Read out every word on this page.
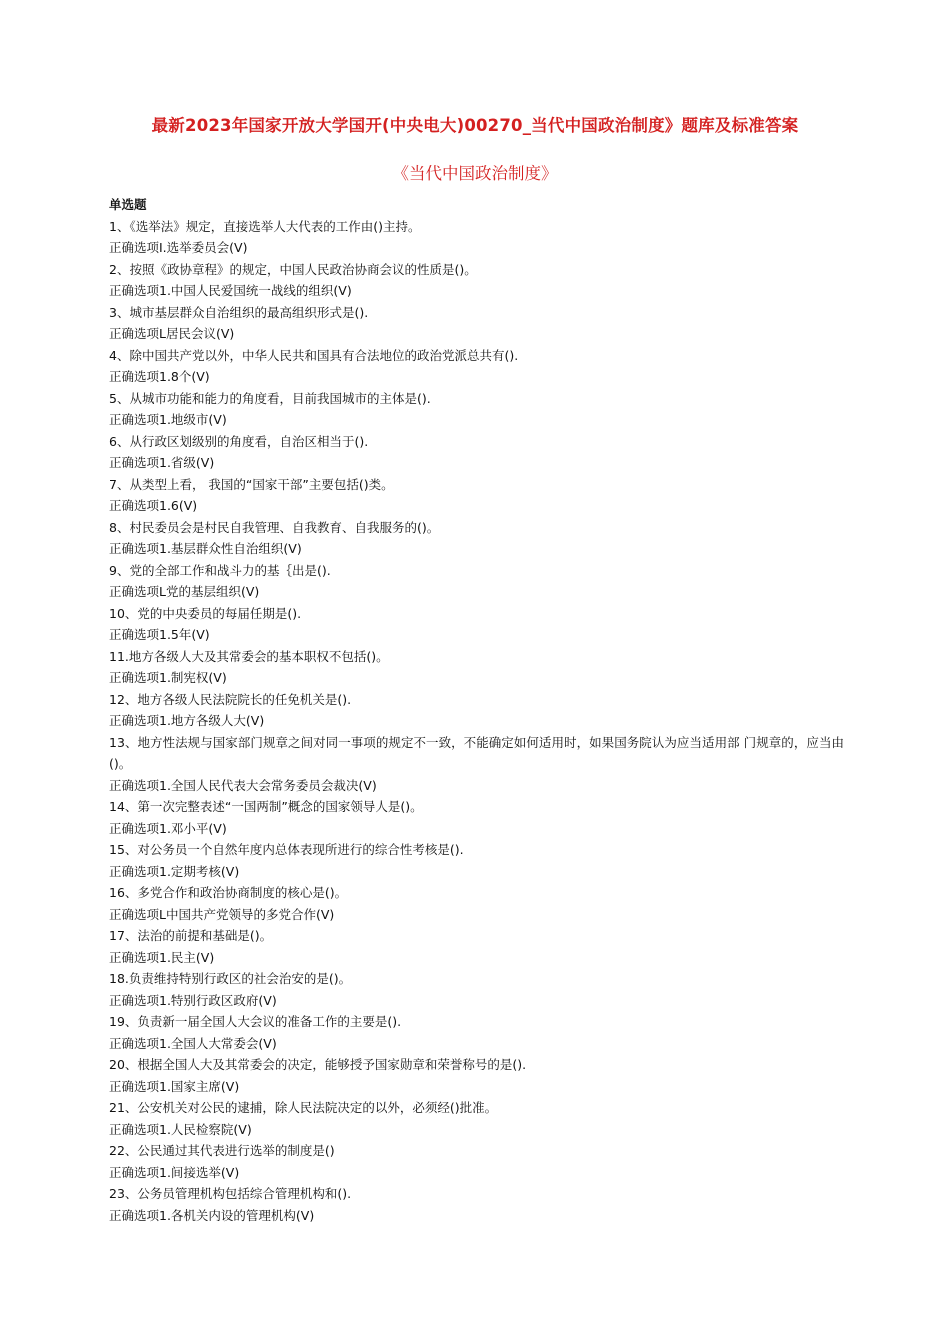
最新2023年国家开放大学国开(中央电大)00270_当代中国政治制度》题库及标准答案
《当代中国政治制度》
单选题
1、《选举法》规定，直接选举人大代表的工作由()主持。
正确选项I.选举委员会(V)
2、按照《政协章程》的规定，中国人民政治协商会议的性质是()。
正确选项1.中国人民爱国统一战线的组织(V)
3、城市基层群众自治组织的最高组织形式是().
正确选项L居民会议(V)
4、除中国共产党以外，中华人民共和国具有合法地位的政治党派总共有().
正确选项1.8个(V)
5、从城市功能和能力的角度看，目前我国城市的主体是().
正确选项1.地级市(V)
6、从行政区划级别的角度看，自治区相当于().
正确选项1.省级(V)
7、从类型上看， 我国的“国家干部”主要包括()类。
正确选项1.6(V)
8、村民委员会是村民自我管理、自我教育、自我服务的()。
正确选项1.基层群众性自治组织(V)
9、党的全部工作和战斗力的基｛出是().
正确选项L党的基层组织(V)
10、党的中央委员的每届任期是().
正确选项1.5年(V)
11.地方各级人大及其常委会的基本职权不包括()。
正确选项1.制宪权(V)
12、地方各级人民法院院长的任免机关是().
正确选项1.地方各级人大(V)
13、地方性法规与国家部门规章之间对同一事项的规定不一致，不能确定如何适用时，如果国务院认为应当适用部 门规章的，应当由()。
正确选项1.全国人民代表大会常务委员会裁决(V)
14、第一次完整表述“一国两制”概念的国家领导人是()。
正确选项1.邓小平(V)
15、对公务员一个自然年度内总体表现所进行的综合性考核是().
正确选项1.定期考核(V)
16、多党合作和政治协商制度的核心是()。
正确选项L中国共产党领导的多党合作(V)
17、法治的前提和基础是()。
正确选项1.民主(V)
18.负责维持特别行政区的社会治安的是()。
正确选项1.特别行政区政府(V)
19、负责新一届全国人大会议的准备工作的主要是().
正确选项1.全国人大常委会(V)
20、根据全国人大及其常委会的决定，能够授予国家勋章和荣誉称号的是().
正确选项1.国家主席(V)
21、公安机关对公民的逮捕，除人民法院决定的以外，必须经()批准。
正确选项1.人民检察院(V)
22、公民通过其代表进行选举的制度是()
正确选项1.间接选举(V)
23、公务员管理机构包括综合管理机构和().
正确选项1.各机关内设的管理机构(V)
